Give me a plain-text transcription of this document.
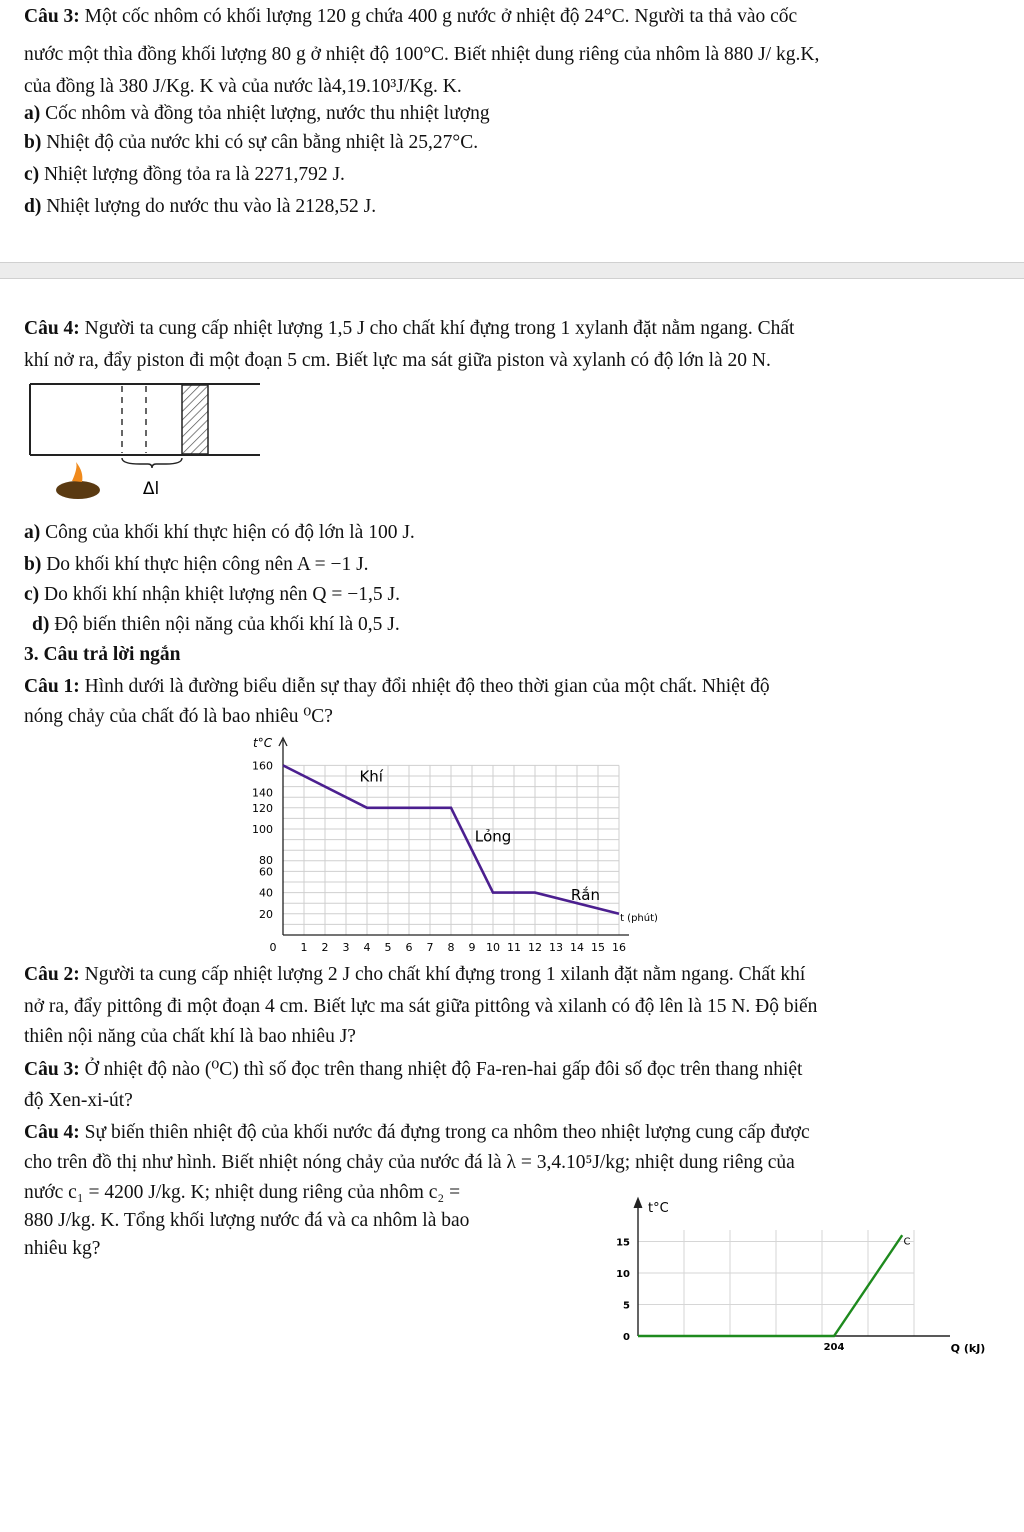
Câu 3: Một cốc nhôm có khối lượng 120 g chứa 400 g nước ở nhiệt độ 24°C. Người ta thả vào cốc
nước một thìa đồng khối lượng 80 g ở nhiệt độ 100°C. Biết nhiệt dung riêng của nhôm là 880 J/ kg.K,
của đồng là 380 J/Kg. K và của nước là4,19.10³J/Kg. K.
a) Cốc nhôm và đồng tỏa nhiệt lượng, nước thu nhiệt lượng
b) Nhiệt độ của nước khi có sự cân bằng nhiệt là 25,27°C.
c) Nhiệt lượng đồng tỏa ra là 2271,792 J.
d) Nhiệt lượng do nước thu vào là 2128,52 J.
Câu 4: Người ta cung cấp nhiệt lượng 1,5 J cho chất khí đựng trong 1 xylanh đặt nằm ngang. Chất
khí nở ra, đẩy piston đi một đoạn 5 cm. Biết lực ma sát giữa piston và xylanh có độ lớn là 20 N.
Δl
a) Công của khối khí thực hiện có độ lớn là 100 J.
b) Do khối khí thực hiện công nên A = −1 J.
c) Do khối khí nhận khiệt lượng nên Q = −1,5 J.
d) Độ biến thiên nội năng của khối khí là 0,5 J.
3. Câu trả lời ngắn
Câu 1: Hình dưới là đường biểu diễn sự thay đổi nhiệt độ theo thời gian của một chất. Nhiệt độ
nóng chảy của chất đó là bao nhiêu ⁰C?
t°C
0 1 2 3 4 5 6 7 8 9 10 11 12 13 14 15 16
20
40
60
80
100
120
140
160
t (phút)
Khí
Lỏng
Rắn
Câu 2: Người ta cung cấp nhiệt lượng 2 J cho chất khí đựng trong 1 xilanh đặt nằm ngang. Chất khí
nở ra, đẩy pittông đi một đoạn 4 cm. Biết lực ma sát giữa pittông và xilanh có độ lên là 15 N. Độ biến
thiên nội năng của chất khí là bao nhiêu J?
Câu 3: Ở nhiệt độ nào (⁰C) thì số đọc trên thang nhiệt độ Fa-ren-hai gấp đôi số đọc trên thang nhiệt
độ Xen-xi-út?
Câu 4: Sự biến thiên nhiệt độ của khối nước đá đựng trong ca nhôm theo nhiệt lượng cung cấp được
cho trên đồ thị như hình. Biết nhiệt nóng chảy của nước đá là λ = 3,4.10⁵J/kg; nhiệt dung riêng của
nước c₁ = 4200 J/kg. K; nhiệt dung riêng của nhôm c₂ =
880 J/kg. K. Tổng khối lượng nước đá và ca nhôm là bao
nhiêu kg?
t°C
0
5
10
15
204	Q (kJ)
C
